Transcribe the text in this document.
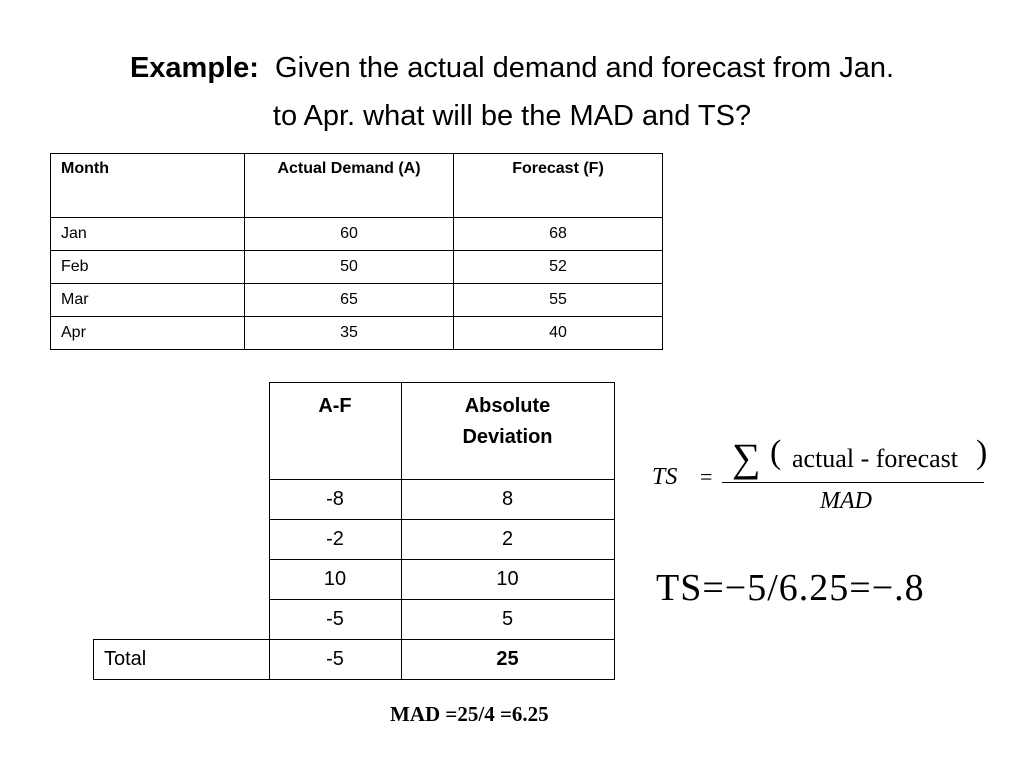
Example: Given the actual demand and forecast from Jan.
to Apr. what will be the MAD and TS?
Month	Actual Demand (A)	Forecast (F)
Jan	60	68
Feb	50	52
Mar	65	55
Apr	35	40
	A-F	Absolute
Deviation

	-8	8
	-2	2
	10	10
	-5	5
Total	-5	25
TS = ∑ ( actual - forecast )
MAD
TS=−5/6.25=−.8
MAD =25/4 =6.25
